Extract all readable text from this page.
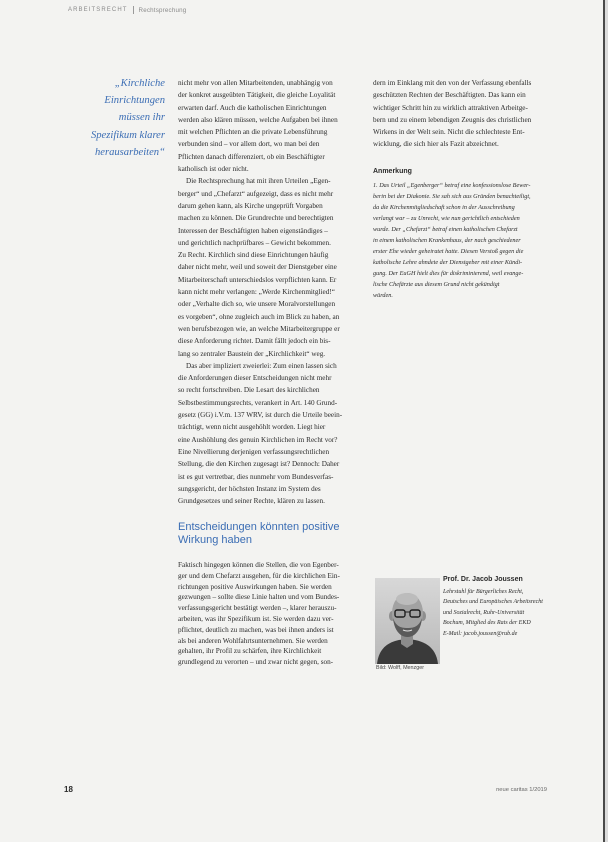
ARBEITSRECHT Rechtsprechung
„Kirchliche
Einrichtungen
müssen ihr
Spezifikum klarer
herausarbeiten“
nicht mehr von allen Mitarbeitenden, unabhängig von
der konkret ausgeübten Tätigkeit, die gleiche Loyalität
erwarten darf. Auch die katholischen Einrichtungen
werden also klären müssen, welche Aufgaben bei ihnen
mit welchen Pflichten an die private Lebensführung
verbunden sind – vor allem dort, wo man bei den
Pflichten danach differenziert, ob ein Beschäftigter
katholisch ist oder nicht.
Die Rechtsprechung hat mit ihren Urteilen „Egen-
berger“ und „Chefarzt“ aufgezeigt, dass es nicht mehr
darum gehen kann, als Kirche ungeprüft Vorgaben
machen zu können. Die Grundrechte und berechtigten
Interessen der Beschäftigten haben eigenständiges –
und gerichtlich nachprüfbares – Gewicht bekommen.
Zu Recht. Kirchlich sind diese Einrichtungen häufig
daher nicht mehr, weil und soweit der Dienstgeber eine
Mitarbeiterschaft unterschiedslos verpflichten kann. Er
kann nicht mehr verlangen: „Werde Kirchenmitglied!“
oder „Verhalte dich so, wie unsere Moralvorstellungen
es vorgeben“, ohne zugleich auch im Blick zu haben, an
wen berufsbezogen wie, an welche Mitarbeitergruppe er
diese Anforderung richtet. Damit fällt jedoch ein bis-
lang so zentraler Baustein der „Kirchlichkeit“ weg.
Das aber impliziert zweierlei: Zum einen lassen sich
die Anforderungen dieser Entscheidungen nicht mehr
so recht fortschreiben. Die Lesart des kirchlichen
Selbstbestimmungsrechts, verankert in Art. 140 Grund-
gesetz (GG) i.V.m. 137 WRV, ist durch die Urteile beein-
trächtigt, wenn nicht ausgehöhlt worden. Liegt hier
eine Aushöhlung des genuin Kirchlichen im Recht vor?
Eine Nivellierung derjenigen verfassungsrechtlichen
Stellung, die den Kirchen zugesagt ist? Dennoch: Daher
ist es gut vertretbar, dies nunmehr vom Bundesverfas-
sungsgericht, der höchsten Instanz im System des
Grundgesetzes und seiner Rechte, klären zu lassen.
Entscheidungen könnten positive
Wirkung haben
Faktisch hingegen können die Stellen, die von Egenber-
ger und dem Chefarzt ausgehen, für die kirchlichen Ein-
richtungen positive Auswirkungen haben. Sie werden
gezwungen – sollte diese Linie halten und vom Bundes-
verfassungsgericht bestätigt werden –, klarer herauszu-
arbeiten, was ihr Spezifikum ist. Sie werden dazu ver-
pflichtet, deutlich zu machen, was bei ihnen anders ist
als bei anderen Wohlfahrtsunternehmen. Sie werden
gehalten, ihr Profil zu schärfen, ihre Kirchlichkeit
grundlegend zu verorten – und zwar nicht gegen, son-
dern im Einklang mit den von der Verfassung ebenfalls
geschützten Rechten der Beschäftigten. Das kann ein
wichtiger Schritt hin zu wirklich attraktiven Arbeitge-
bern und zu einem lebendigen Zeugnis des christlichen
Wirkens in der Welt sein. Nicht die schlechteste Ent-
wicklung, die sich hier als Fazit abzeichnet.
Anmerkung
1. Das Urteil „Egenberger“ betraf eine konfessionslose Bewer-
berin bei der Diakonie. Sie sah sich aus Gründen benachteiligt,
da die Kirchenmitgliedschaft schon in der Ausschreibung
verlangt war – zu Unrecht, wie nun gerichtlich entschieden
wurde. Der „Chefarzt“ betraf einen katholischen Chefarzt
in einem katholischen Krankenhaus, der nach geschiedener
erster Ehe wieder geheiratet hatte. Diesen Verstoß gegen die
katholische Lehre ahndete der Dienstgeber mit einer Kündi-
gung. Der EuGH hielt dies für diskriminierend, weil evange-
lische Chefärzte aus diesem Grund nicht gekündigt
würden.
Bild: Wolff, Menzger
Prof. Dr. Jacob Joussen
Lehrstuhl für Bürgerliches Recht,
Deutsches und Europäisches Arbeitsrecht
und Sozialrecht, Ruhr-Universität
Bochum, Mitglied des Rats der EKD
E-Mail: jacob.joussen@rub.de
18	neue caritas 1/2019
